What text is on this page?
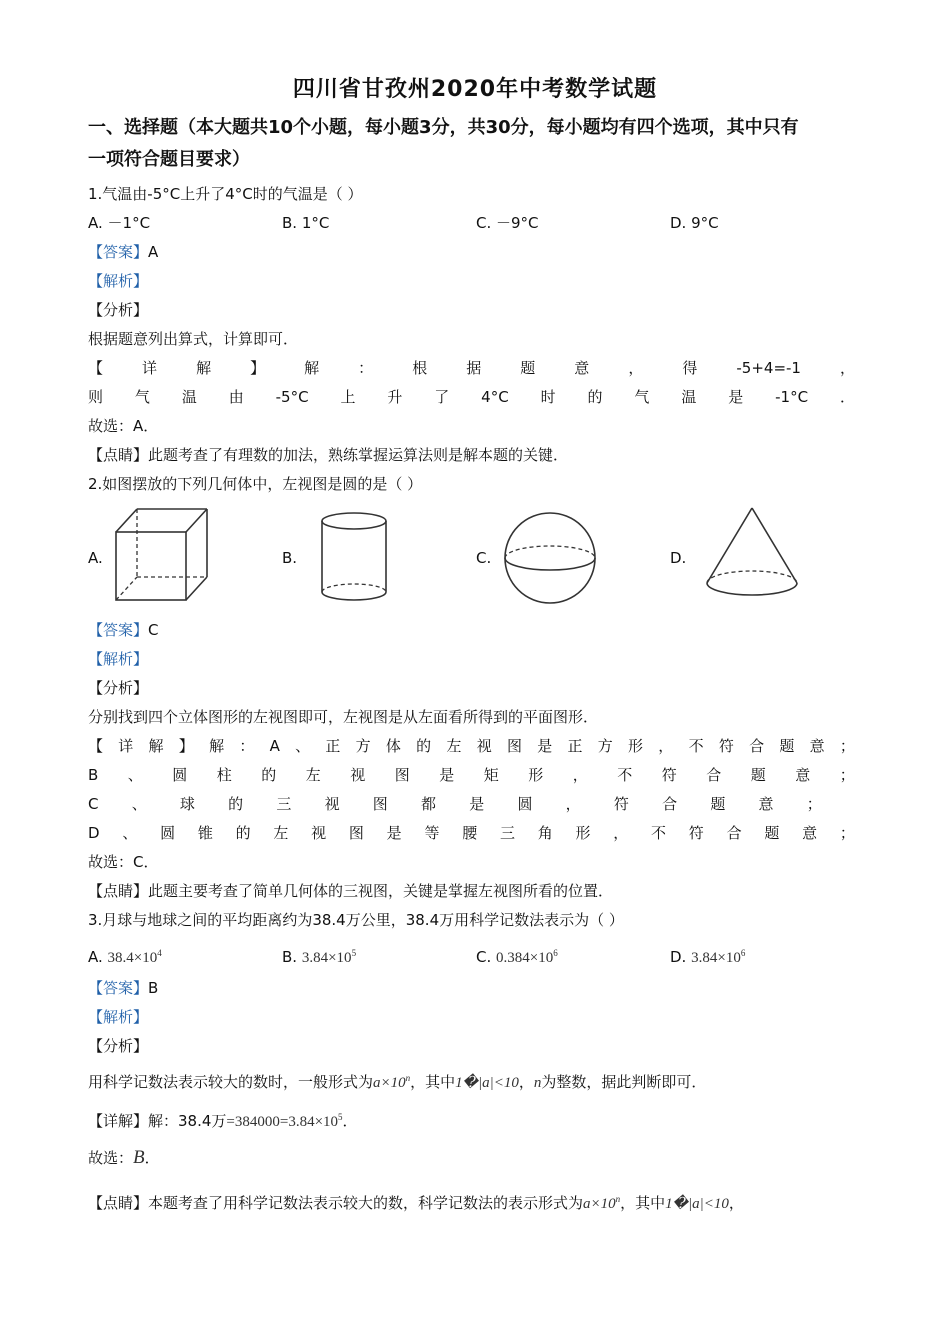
四川省甘孜州2020年中考数学试题
一、选择题（本大题共10个小题，每小题3分，共30分，每小题均有四个选项，其中只有
一项符合题目要求）
1.气温由-5°C上升了4°C时的气温是（ ）
A. －1°C	B. 1°C	C. －9°C	D. 9°C
【答案】A
【解析】
【分析】
根据题意列出算式，计算即可．
【	详	解	】	解	：	根	据	题	意	，	得	-5+4=-1	，
则 气 温 由 -5°C 上 升 了 4°C 时 的 气 温 是 -1°C ．
故选：A．
【点睛】此题考查了有理数的加法，熟练掌握运算法则是解本题的关键．
2.如图摆放的下列几何体中，左视图是圆的是（ ）
A.	B.	C.	D.
【答案】C
【解析】
【分析】
分别找到四个立体图形的左视图即可，左视图是从左面看所得到的平面图形．
【 详 解 】 解 ： A 、 正 方 体 的 左 视 图 是 正 方 形 ， 不 符 合 题 意 ；
B 、 圆 柱 的 左 视 图 是 矩 形 ， 不 符 合 题 意 ；
C 、 球 的 三 视 图 都 是 圆 ， 符 合 题 意 ；
D 、 圆 锥 的 左 视 图 是 等 腰 三 角 形 ， 不 符 合 题 意 ；
故选：C．
【点睛】此题主要考查了简单几何体的三视图，关键是掌握左视图所看的位置．
3.月球与地球之间的平均距离约为38.4万公里，38.4万用科学记数法表示为（ ）
A. $38.4\times 10^4$	B. $3.84\times 10^5$	C. $0.384\times 10^6$	D. $3.84\times 10^6$
【答案】B
【解析】
【分析】
用科学记数法表示较大的数时，一般形式为$a\times 10^n$，其中1�|a|<10，n为整数，据此判断即可．
【详解】解：38.4万$=384000=3.84\times 10^5$．
故选：B．
【点睛】本题考查了用科学记数法表示较大的数，科学记数法的表示形式为$a\times 10^n$，其中1�|a|<10，
